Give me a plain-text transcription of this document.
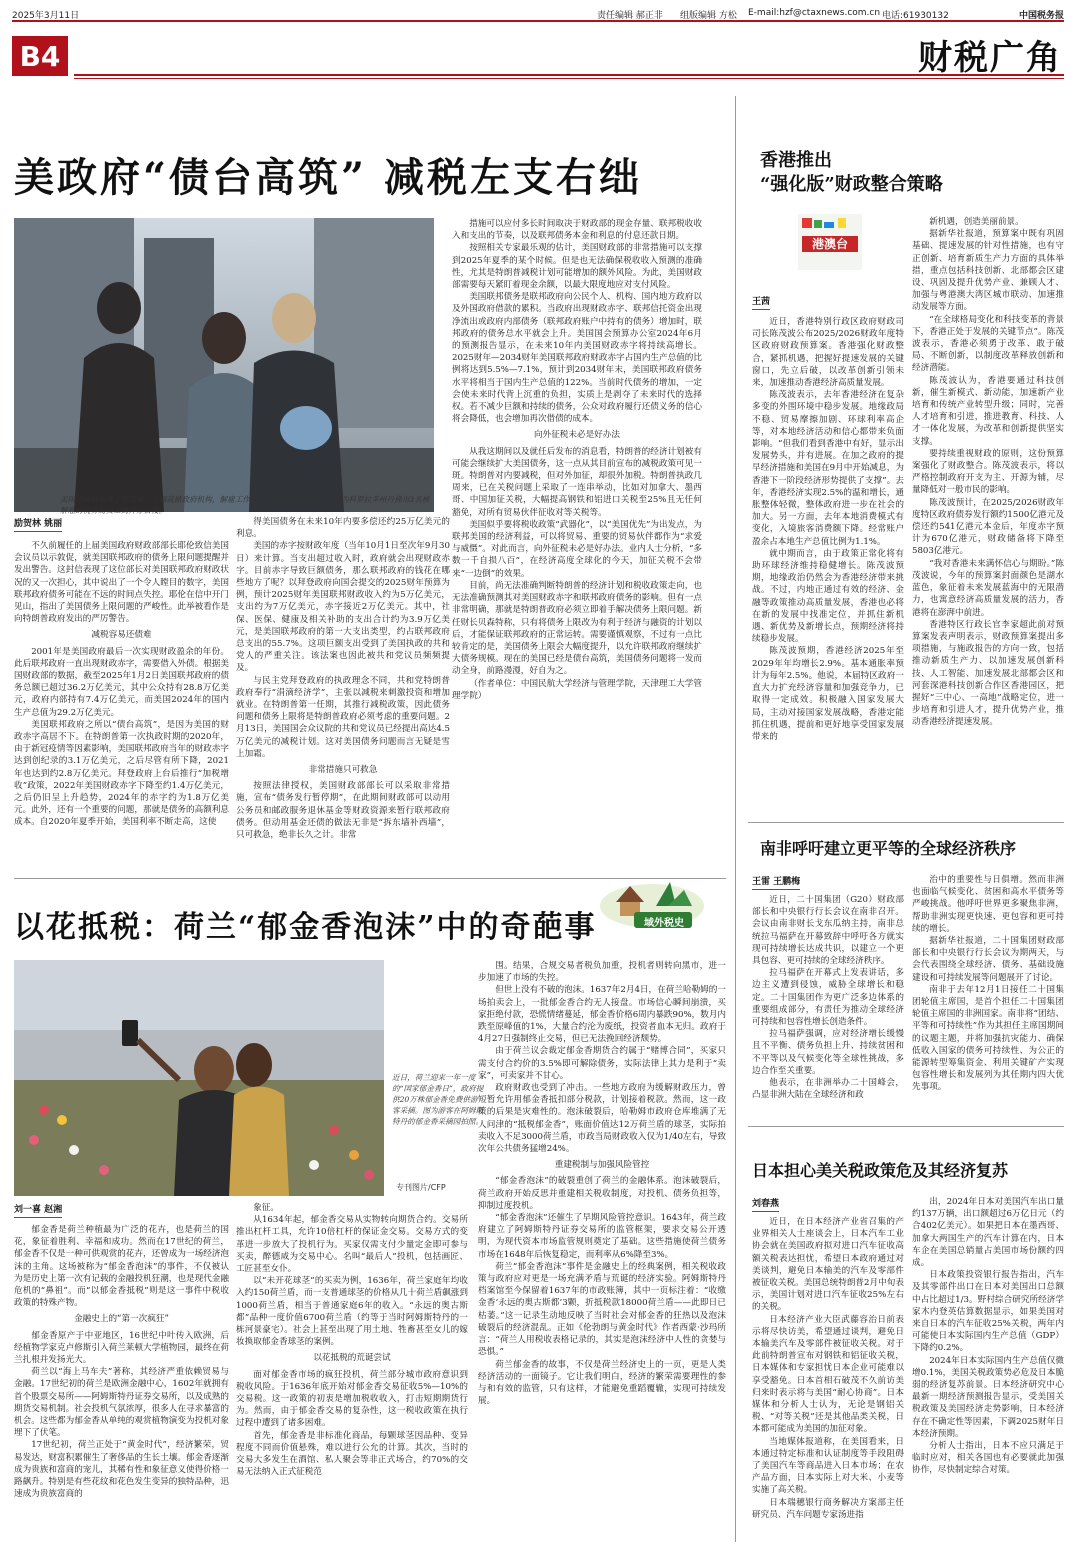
2025年3月11日	责任编辑 郝正非 组版编辑 方松 E-mail:hzf@ctaxnews.com.cn 电话:61930132	中国税务报
B4	财税广角
美政府“债台高筑” 减税左支右绌
美国总统特朗普上任以来，大幅裁撤政府机构，解雇工作人员，以减少财政开支。图为科罗拉多州丹佛市3名被解雇的税务局员工离开办公楼。
励贺林 姚丽

不久前履任的上届美国政府财政部部长耶伦致信美国会议员以示敦促，就美国联邦政府的债务上限问题提醒并发出警告。这封信表现了这位部长对美国联邦政府财政状况的又一次担心，其中说出了一个令人瞠目的数字，美国联邦政府债务可能在不远的时间点失控。耶伦在信中开门见山，指出了美国债务上限问题的严峻性。此举被看作是向特朗普政府发出的严厉警告。

减税容易还债难

2001年是美国政府最后一次实现财政盈余的年份。此后联邦政府一直出现财政赤字，需要借入外债。根据美国财政部的数据，截至2025年1月2日美国联邦政府的债务总额已超过36.2万亿美元，其中公众持有28.8万亿美元，政府内部持有7.4万亿美元，而美国2024年的国内生产总值为29.2万亿美元。

美国联邦政府之所以“债台高筑”，是因为美国的财政赤字高居不下。在特朗普第一次执政时期的2020年，由于新冠疫情等因素影响，美国联邦政府当年的财政赤字达到创纪录的3.1万亿美元，之后尽管有所下降，2021年也达到约2.8万亿美元。拜登政府上台后推行“加税增收”政策，2022年美国财政赤字下降至约1.4万亿美元，之后仍旧呈上升趋势，2024年的赤字约为1.8万亿美元。此外，还有一个重要的问题，那就是债务的高额利息成本。自2020年夏季开始，美国利率不断走高，这使

得美国债务在未来10年内要多偿还约25万亿美元的利息。

美国的赤字按财政年度（当年10月1日至次年9月30日）来计算。当支出超过收入时，政府就会出现财政赤字。目前赤字导致巨额债务，那么联邦政府的钱花在哪些地方了呢？以拜登政府向国会提交的2025财年预算为例，预计2025财年美国联邦财政收入约为5万亿美元，支出约为7万亿美元，赤字接近2万亿美元。其中，社保、医保、健康及相关补助的支出合计约为3.9万亿美元，是美国联邦政府的第一大支出类型，约占联邦政府总支出的55.7%。这项巨额支出受到了美国执政的共和党人的严重关注。该法案也因此被共和党议员频频提及。

与民主党拜登政府的执政理念不同，共和党特朗普政府奉行“涓滴经济学”，主张以减税来刺激投资和增加就业。在特朗普第一任期，其推行减税政策，因此债务问题和债务上限将是特朗普政府必须考虑的重要问题。2月13日，美国国会众议院的共和党议员已经提出高达4.5万亿美元的减税计划。这对美国债务问题而言无疑是雪上加霜。

非常措施只可救急

按照法律授权，美国财政部部长可以采取非常措施，宣布“债务发行暂停期”，在此期间财政部可以动用公务员和邮政服务退休基金等财政资源来暂行联邦政府债务。但动用基金还债的做法无非是“拆东墙补西墙”，只可救急，绝非长久之计。非常

措施可以应付多长时间取决于财政部的现金存量、联邦税收收入和支出的节奏，以及联邦债务本金和利息的付息还款日期。

按照相关专家最乐观的估计，美国财政部的非常措施可以支撑到2025年夏季的某个时候。但是也无法确保税收收入预测的准确性，尤其是特朗普减税计划可能增加的额外风险。为此，美国财政部需要每天紧盯着现金余额，以最大限度地应对支付风险。

美国联邦债务是联邦政府向公民个人、机构、国内地方政府以及外国政府借款的累积。当政府出现财政赤字、联邦信托资金出现净流出或政府内部债务（联邦政府账户中持有的债务）增加时，联邦政府的债务总水平就会上升。美国国会预算办公室2024年6月的预测报告显示，在未来10年内美国财政赤字将持续高增长。2025财年—2034财年美国联邦政府财政赤字占国内生产总值的比例将达到5.5%—7.1%，预计到2034财年末，美国联邦政府债务水平将相当于国内生产总值的122%。当前时代债务的增加，一定会使未来时代背上沉重的负担，实质上是剥夺了未来时代的选择权。若不减少巨额和持续的债务，公众对政府履行还债义务的信心将会降低，也会增加再次借债的成本。

向外征税未必是好办法

从我这期间以及就任后发布的消息看，特朗普的经济计划被有可能会继续扩大美国债务，这一点从其目前宣布的减税政策可见一斑。特朗普对内要减税，但对外加征，却很外加税。特朗普执政几周来，已在关税问题上采取了一连串举动，比如对加拿大、墨西哥、中国加征关税，大幅提高钢铁和铝进口关税至25%且无任何豁免，对所有贸易伙伴征收对等关税等。

美国似乎要将税收政策“武器化”，以“美国优先”为出发点，为联邦美国的经济利益，可以将贸易、重要的贸易伙伴都作为“求爱与威慑”。对此而言，向外征税未必是好办法。业内人士分析，“多数一千自损八百”，在经济高度全球化的今天，加征关税不会带来“一边倒”的效果。

目前，尚无法准确判断特朗普的经济计划和税收政策走向，也无法准确预测其对美国财政赤字和联邦政府债务的影响。但有一点非常明确，那就是特朗普政府必须立即着手解决债务上限问题。新任财长贝森特称，只有将债务上限改为有利于经济与融资的计划以后，才能保证联邦政府的正常运转。需要谨慎观察，不过有一点比较肯定的是，美国债务上限会大幅度提升，以允许联邦政府继续扩大债务规模。现在的美国已经是债台高筑，美国债务问题将一发而动全身，前路漫漫，好自为之。

（作者单位：中国民航大学经济与管理学院，天津理工大学管理学院）

以花抵税：荷兰“郁金香泡沫”中的奇葩事	域外税史
近日，荷兰迎来一年一度的“国家郁金香日”，政府提供20万株郁金香免费供游客采摘。图为游客在阿姆斯特丹的郁金香采摘园拍照。
专刊图片/CFP
刘一喜 赵湘

郁金香是荷兰种植最为广泛的花卉，也是荷兰的国花，象征着胜利、幸福和成功。然而在17世纪的荷兰，郁金香不仅是一种可供观赏的花卉，还曾成为一场经济泡沫的主角。这场被称为“郁金香泡沫”的事件，不仅被认为是历史上第一次有记载的金融投机狂潮，也是现代金融危机的“鼻祖”。而“以郁金香抵税”则是这一事件中税收政策的特殊产物。

金融史上的“第一次疯狂”

郁金香原产于中亚地区，16世纪中叶传入欧洲，后经植物学家克卢修斯引入荷兰莱顿大学植物园，最终在荷兰扎根并发扬光大。

荷兰以“海上马车夫”著称，其经济严重依赖贸易与金融。17世纪初的荷兰是欧洲金融中心，1602年就拥有首个股票交易所——阿姆斯特丹证券交易所，以及成熟的期货交易机制。社会投机气氛浓厚，很多人在寻求暴富的机会。这些都为郁金香从单纯的观赏植物演变为投机对象埋下了伏笔。

17世纪初，荷兰正处于“黄金时代”，经济繁荣，贸易发达，财富积累催生了奢侈品的生长土壤。郁金香逐渐成为贵族和富商的宠儿，其稀有性和象征意义使得价格一路飙升。特别是有些花纹和花色发生变异的独特品种，迅速成为贵族富商的

象征。

从1634年起，郁金香交易从实物转向期货合约。交易所推出杠杆工具，允许10倍杠杆的保证金交易。交易方式的变革进一步放大了投机行为。买家仅需支付少量定金即可参与买卖，醉德咸为交易中心。名叫“最后人”投机，包括画匠、工匠甚至女仆。

以“未开花球茎”的买卖为例，1636年，荷兰家庭年均收入约150荷兰盾，而一支普通球茎的价格从几十荷兰盾飙涨到1000荷兰盾，相当于普通家庭6年的收入。“永远的奥古斯都”品种一度价值6700荷兰盾（约等于当时阿姆斯特丹的一栋河景豪宅）。社会上甚至出现了用土地、牲畜甚至女儿的嫁妆换取郁金香球茎的案例。

以花抵税的荒诞尝试

面对郁金香市场的疯狂投机，荷兰部分城市政府意识到税收风险。于1636年底开始对郁金香交易征收5%—10%的交易税。这一政策的初衷是增加税收收入，打击短期期货行为。然而，由于郁金香交易的复杂性，这一税收政策在执行过程中遭到了诸多困难。

首先，郁金香是非标准化商品，每颗球茎因品种、变异程度不同而价值悬殊，难以进行公允的计算。其次，当时的交易大多发生在酒馆、私人聚会等非正式场合，约70%的交易无法纳入正式征税范

围。结果，合规交易者税负加重，投机者则转向黑市，进一步加速了市场的失控。

但世上没有不破的泡沫。1637年2月4日，在荷兰哈勒姆的一场拍卖会上，一批郁金香合约无人接盘。市场信心瞬间崩溃，买家拒绝付款，恐慌情绪蔓延，郁金香价格6周内暴跌90%，数月内跌至原峰值的1%，大量合约沦为废纸，投资者血本无归。政府于4月27日强制终止交易，但已无法挽回经济颓势。

由于荷兰议会裁定郁金香期货合约属于“赌博合同”，买家只需支付合约价的3.5%即可解除债务，实际法律上其力是利于“卖家”，可卖家并不甘心。

政府财政也受到了冲击。一些地方政府为缓解财政压力，曾短暂允许用郁金香抵扣部分税款，计划接着税款。然而，这一政策的后果是灾难性的。泡沫破裂后，哈勒姆市政府仓库堆满了无人问津的“抵税郁金香”，账面价值达12万荷兰盾的球茎，实际拍卖收入不足3000荷兰盾，市政当局财政收入仅为1/40左右，导致次年公共债务猛增24%。

重建税制与加强风险管控

“郁金香泡沫”的破裂重创了荷兰的金融体系。泡沫破裂后，荷兰政府开始反思并重建相关税收制度，对投机、债务负担等，抑制过度投机。

“郁金香泡沫”还催生了早期风险管控意识。1643年，荷兰政府建立了阿姆斯特丹证券交易所的监管框架，要求交易公开透明，为现代资本市场监管规则奠定了基础。这些措施使荷兰债务市场在1648年后恢复稳定，而利率从6%降至3%。

荷兰“郁金香泡沫”事件是金融史上的经典案例，相关税收政策与政府应对更是一场充满矛盾与荒诞的经济实验。阿姆斯特丹档案馆至今保留着1637年的市政账簿，其中一页标注着：“收缴金香‘永远的奥古斯都’3颗，折抵税款18000荷兰盾——此即日已枯萎。”这一记录生动地反映了当时社会对郁金香的狂热以及泡沫破裂后的经济混乱。正如《伦勃朗与黄金时代》作者西蒙·沙玛所言：“荷兰人用税收表格记录的，其实是泡沫经济中人性的贪婪与恐惧。”

荷兰郁金香的故事，不仅是荷兰经济史上的一页，更是人类经济活动的一面镜子。它让我们明白，经济的繁荣需要理性的参与和有效的监管，只有这样，才能避免重蹈覆辙，实现可持续发展。

香港推出
“强化版”财政整合策略
港澳台
王茜

近日，香港特别行政区政府财政司司长陈茂波公布2025/2026财政年度特区政府财政预算案。香港强化财政整合，紧抓机遇，把握好提速发展的关键窗口，先立后破，以改革创新引领未来，加速推动香港经济高质量发展。

陈茂波表示，去年香港经济在复杂多变的外围环境中稳步发展。地缘政局不稳、贸易摩擦加剧、环球利率高企等，对本地经济活动和信心都带来负面影响。“但我们看到香港中有好，显示出发展势头，并有进展。在加之政府的提早经济措施和美国在9月中开始减息，为香港下一阶段经济形势提供了支撑”。去年，香港经济实现2.5%的温和增长，通胀整体轻微，整体政府进一步在社会的加大。另一方面，去年本地消费模式有变化，入境旅客消费额下降。经常账户盈余占本地生产总值比例为1.1%。

就中期而言，由于政策正常化将有助环球经济维持稳健增长。陈茂波预期，地缘政治仍然会为香港经济带来挑战。不过，内地正通过有效的经济、金融等政策推动高质量发展，香港也必将在新的发展中找准定位，并抓住新机遇、新优势及新增长点，预期经济将持续稳步发展。

陈茂波预期，香港经济2025年至2029年年均增长2.9%。基本通胀率预计为每年2.5%。他说，本届特区政府一直大力扩充经济容量和加强竞争力，已取得一定成效。积极融入国家发展大局，主动对接国家发展战略，香港定能抓住机遇，提前和更好地享受国家发展带来的

新机遇，创造美丽前景。

据新华社报道，预算案中既有巩固基础、提速发展的针对性措施，也有守正创新、培育新质生产力方面的具体举措，重点包括科技创新、北部都会区建设、巩固及提升优势产业、兼顾人才、加强与粤港澳大湾区城市联动、加速推动发展等方面。

“在全球格局变化和科技变革的背景下，香港正处于发展的关键节点”。陈茂波表示，香港必须勇于改革、敢于破局、不断创新，以制度改革释放创新和经济潜能。

陈茂波认为，香港要通过科技创新，催生新模式、新动能，加速新产业培育和传统产业转型升级；同时，完善人才培育和引进，推进教育、科技、人才一体化发展，为改革和创新提供坚实支撑。

要持续重视财政的原则，这份预算案强化了财政整合。陈茂波表示，将以严格控制政府开支为主、开源为辅，尽量降低对一般市民的影响。

陈茂波预计，在2025/2026财政年度特区政府债券发行额约1500亿港元及偿还约541亿港元本金后，年度赤字预计为670亿港元，财政储备将下降至5803亿港元。

“我对香港未来满怀信心与期盼。”陈茂波说，今年的预算案封面颜色是湖水蓝色，象征着未来发展蓝海中的无限潜力，也寓意经济高质量发展的活力，香港将在澎湃中前进。

香港特区行政长官李家超此前对预算案发表声明表示，财政预算案提出多项措施，与施政报告的方向一致，包括推动新质生产力、以加速发展创新科技、人工智能、加速发展北部都会区和河套深港科技创新合作区香港园区，把握好“三中心、一高地”战略定位，进一步培育和引进人才，提升优势产业，推动香港经济提速发展。

南非呼吁建立更平等的全球经济秩序
王雷 王鹏梅

近日，二十国集团（G20）财政部部长和中央银行行长会议在南非召开。会议由南非财长戈东瓜纳主持，南非总统拉马福萨在开幕致辞中呼吁各方就实现可持续增长达成共识，以建立一个更具包容、更可持续的全球经济秩序。

拉马福萨在开幕式上发表讲话，多边主义遭到侵蚀，威胁全球增长和稳定。二十国集团作为更广泛多边体系的重要组成部分，有责任为推动全球经济可持续和包容性增长创造条件。

拉马福萨强调，应对经济增长缓慢且不平衡、债务负担上升、持续贫困和不平等以及气候变化等全球性挑战，多边合作至关重要。

他表示，在非洲举办二十国峰会，凸显非洲大陆在全球经济和政

治中的重要性与日俱增。然而非洲也面临气候变化、贫困和高水平债务等严峻挑战。他呼吁世界更多聚焦非洲，帮助非洲实现更快速、更包容和更可持续的增长。

据新华社报道，二十国集团财政部部长和中央银行行长会议为期两天，与会代表围绕全球经济、债务、基础设施建设和可持续发展等问题展开了讨论。

南非于去年12月1日接任二十国集团轮值主席国，是首个担任二十国集团轮值主席国的非洲国家。南非将“团结、平等和可持续性”作为其担任主席国期间的议题主题，并将加强抗灾能力、确保低收入国家的债务可持续性、为公正的能源转型筹集资金、利用关键矿产实现包容性增长和发展列为其任期内四大优先事项。

日本担心美关税政策危及其经济复苏
刘春燕

近日，在日本经济产业省召集的产业界相关人士座谈会上，日本汽车工业协会就在美国政府拟对进口汽车征收高额关税表达担忧，希望日本政府通过对美谈判，避免日本输美的汽车及零部件被征收关税。美国总统特朗普2月中旬表示，美国计划对进口汽车征收25%左右的关税。

日本经济产业大臣武藤容治日前表示将尽快访美，希望通过谈判，避免日本输美汽车及零部件被征收关税。对于此前特朗普宣布对钢铁和铝征收关税，日本媒体和专家担忧日本企业可能难以享受豁免。日本首相石破茂不久前访美归来时表示将与美国“耐心协商”。日本媒体和分析人士认为，无论是钢铝关税、“对等关税”还是其他品类关税，日本都可能成为美国的加征对象。

当地媒体报道称，在美国看来，日本通过特定标准和认证制度等手段阻碍了美国汽车等商品进入日本市场；在农产品方面，日本实际上对大米、小麦等实施了高关税。

日本瑞穗银行商务解决方案部主任研究员、汽车问题专家汤进指

出，2024年日本对美国汽车出口量约137万辆，出口额超过6万亿日元（约合402亿美元）。如果把日本在墨西哥、加拿大两国生产的汽车计算在内，日本车企在美国总销量占美国市场份额约四成。

日本政策投资银行报告指出，汽车及其零部件出口在日本对美国出口总额中占比超过1/3。野村综合研究所经济学家木内登英估算数据显示，如果美国对来自日本的汽车征收25%关税，两年内可能使日本实际国内生产总值（GDP）下降约0.2%。

2024年日本实际国内生产总值仅微增0.1%，美国关税政策势必危及日本脆弱的经济复苏前景。日本经济研究中心最新一期经济预测报告显示，受美国关税政策及美国经济走势影响，日本经济存在不确定性等因素，下调2025财年日本经济预期。

分析人士指出，日本不应只满足于临时应对，相关各国也有必要就此加强协作，尽快制定综合对策。
